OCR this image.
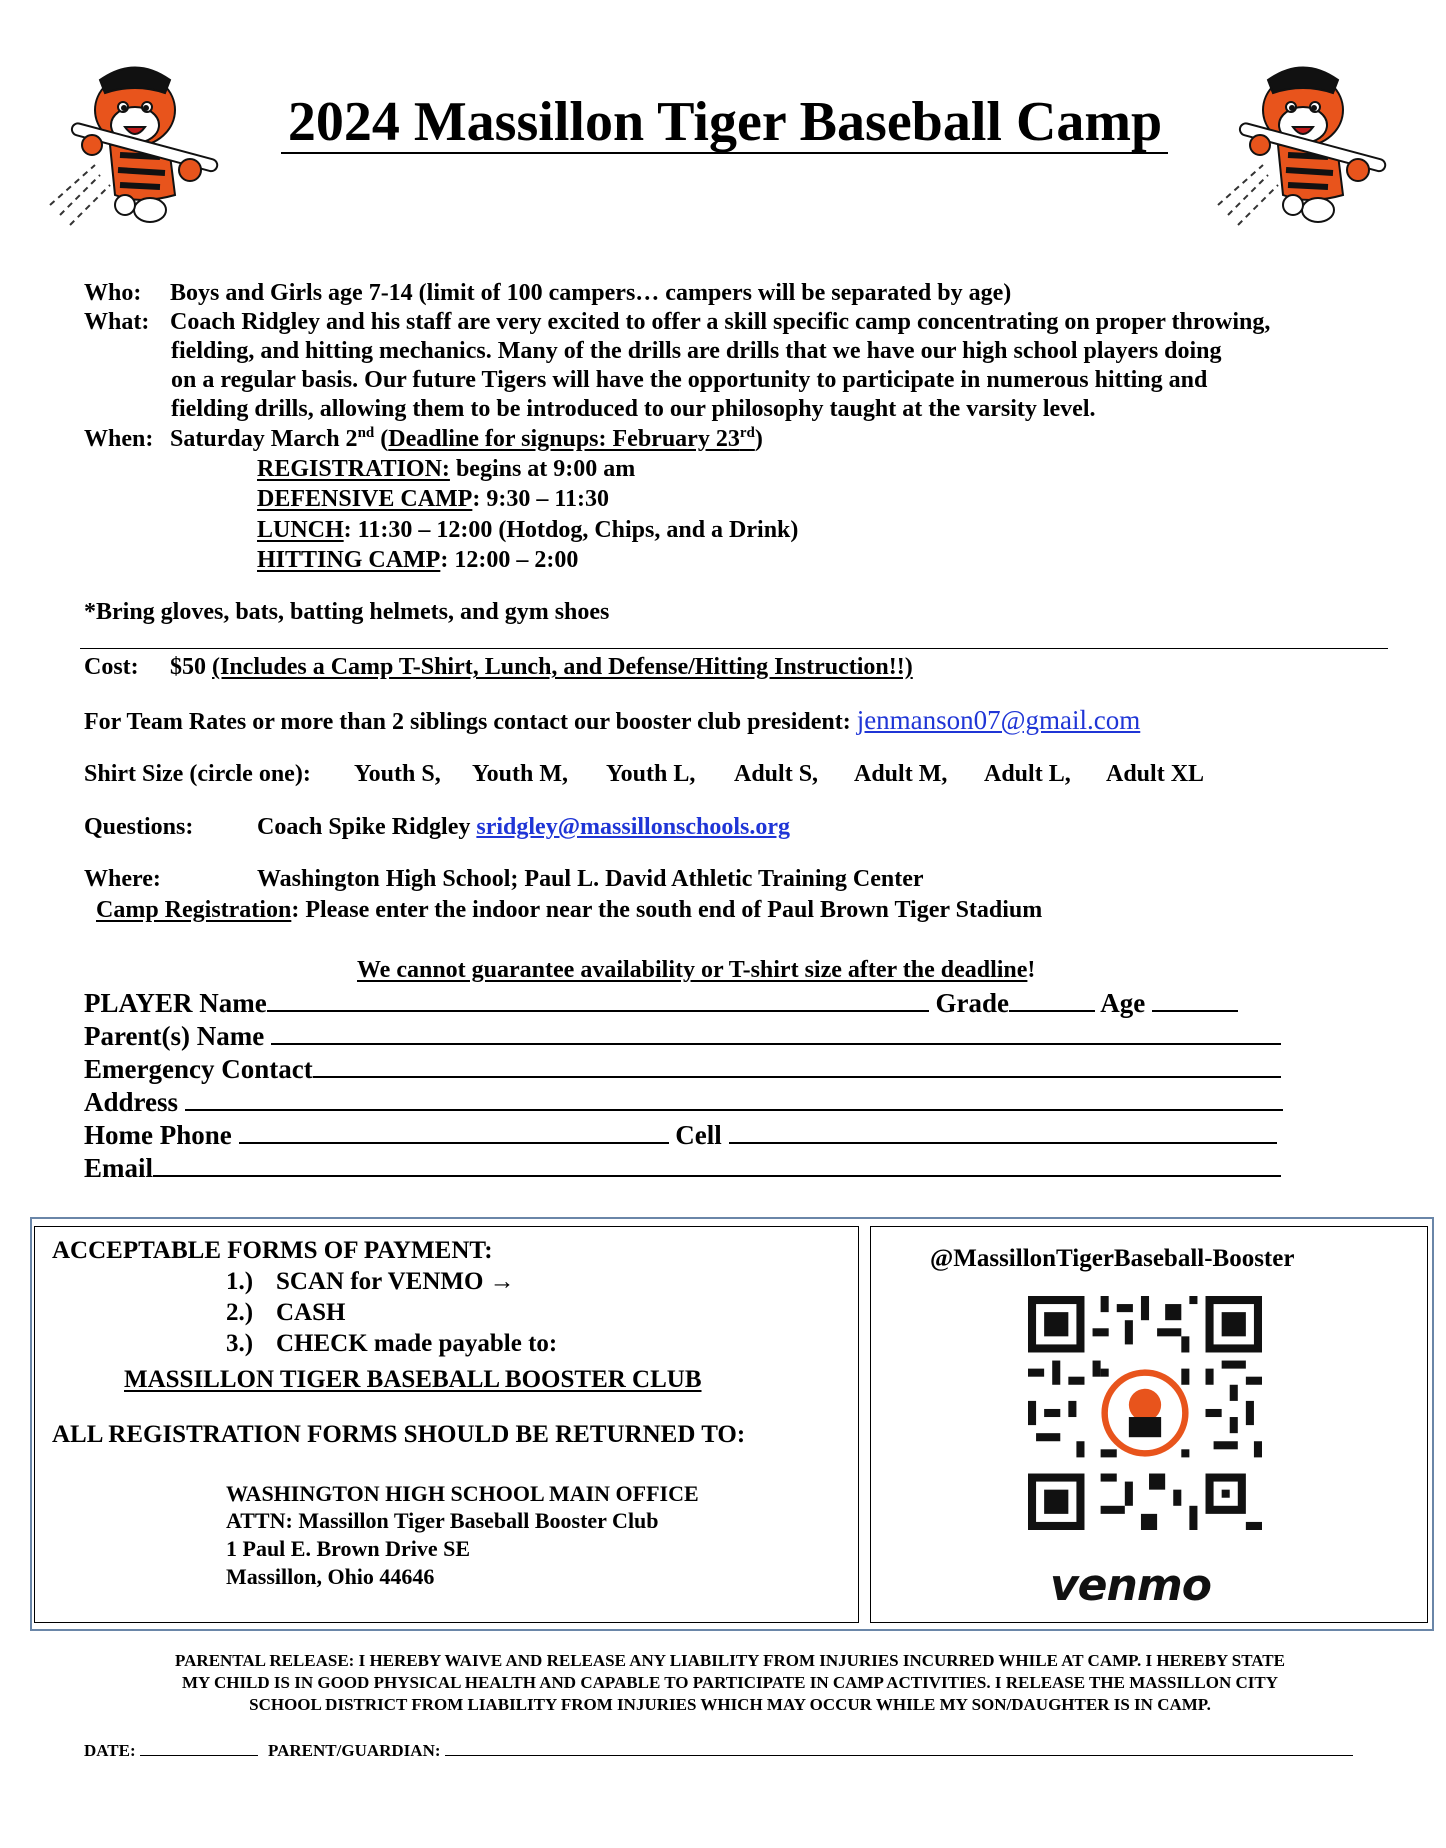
2024 Massillon Tiger Baseball Camp
Who: Boys and Girls age 7-14 (limit of 100 campers… campers will be separated by age)
What: Coach Ridgley and his staff are very excited to offer a skill specific camp concentrating on proper throwing,
fielding, and hitting mechanics. Many of the drills are drills that we have our high school players doing
on a regular basis. Our future Tigers will have the opportunity to participate in numerous hitting and
fielding drills, allowing them to be introduced to our philosophy taught at the varsity level.
When: Saturday March 2nd (Deadline for signups: February 23rd)
REGISTRATION: begins at 9:00 am
DEFENSIVE CAMP: 9:30 – 11:30
LUNCH: 11:30 – 12:00 (Hotdog, Chips, and a Drink)
HITTING CAMP: 12:00 – 2:00
*Bring gloves, bats, batting helmets, and gym shoes
Cost: $50 (Includes a Camp T-Shirt, Lunch, and Defense/Hitting Instruction!!)
For Team Rates or more than 2 siblings contact our booster club president: jenmanson07@gmail.com
Shirt Size (circle one): Youth S, Youth M, Youth L, Adult S, Adult M, Adult L, Adult XL
Questions:	Coach Spike Ridgley sridgley@massillonschools.org
Where:	Washington High School; Paul L. David Athletic Training Center
Camp Registration: Please enter the indoor near the south end of Paul Brown Tiger Stadium
We cannot guarantee availability or T-shirt size after the deadline!
PLAYER Name	Grade	Age
Parent(s) Name
Emergency Contact
Address
Home Phone	Cell
Email
ACCEPTABLE FORMS OF PAYMENT:
1.) SCAN for VENMO →
2.) CASH
3.) CHECK made payable to:
MASSILLON TIGER BASEBALL BOOSTER CLUB
ALL REGISTRATION FORMS SHOULD BE RETURNED TO:
WASHINGTON HIGH SCHOOL MAIN OFFICE
ATTN: Massillon Tiger Baseball Booster Club
1 Paul E. Brown Drive SE
Massillon, Ohio 44646
@MassillonTigerBaseball-Booster
venmo
PARENTAL RELEASE: I HEREBY WAIVE AND RELEASE ANY LIABILITY FROM INJURIES INCURRED WHILE AT CAMP. I HEREBY STATE
MY CHILD IS IN GOOD PHYSICAL HEALTH AND CAPABLE TO PARTICIPATE IN CAMP ACTIVITIES. I RELEASE THE MASSILLON CITY
SCHOOL DISTRICT FROM LIABILITY FROM INJURIES WHICH MAY OCCUR WHILE MY SON/DAUGHTER IS IN CAMP.
DATE:	PARENT/GUARDIAN:
